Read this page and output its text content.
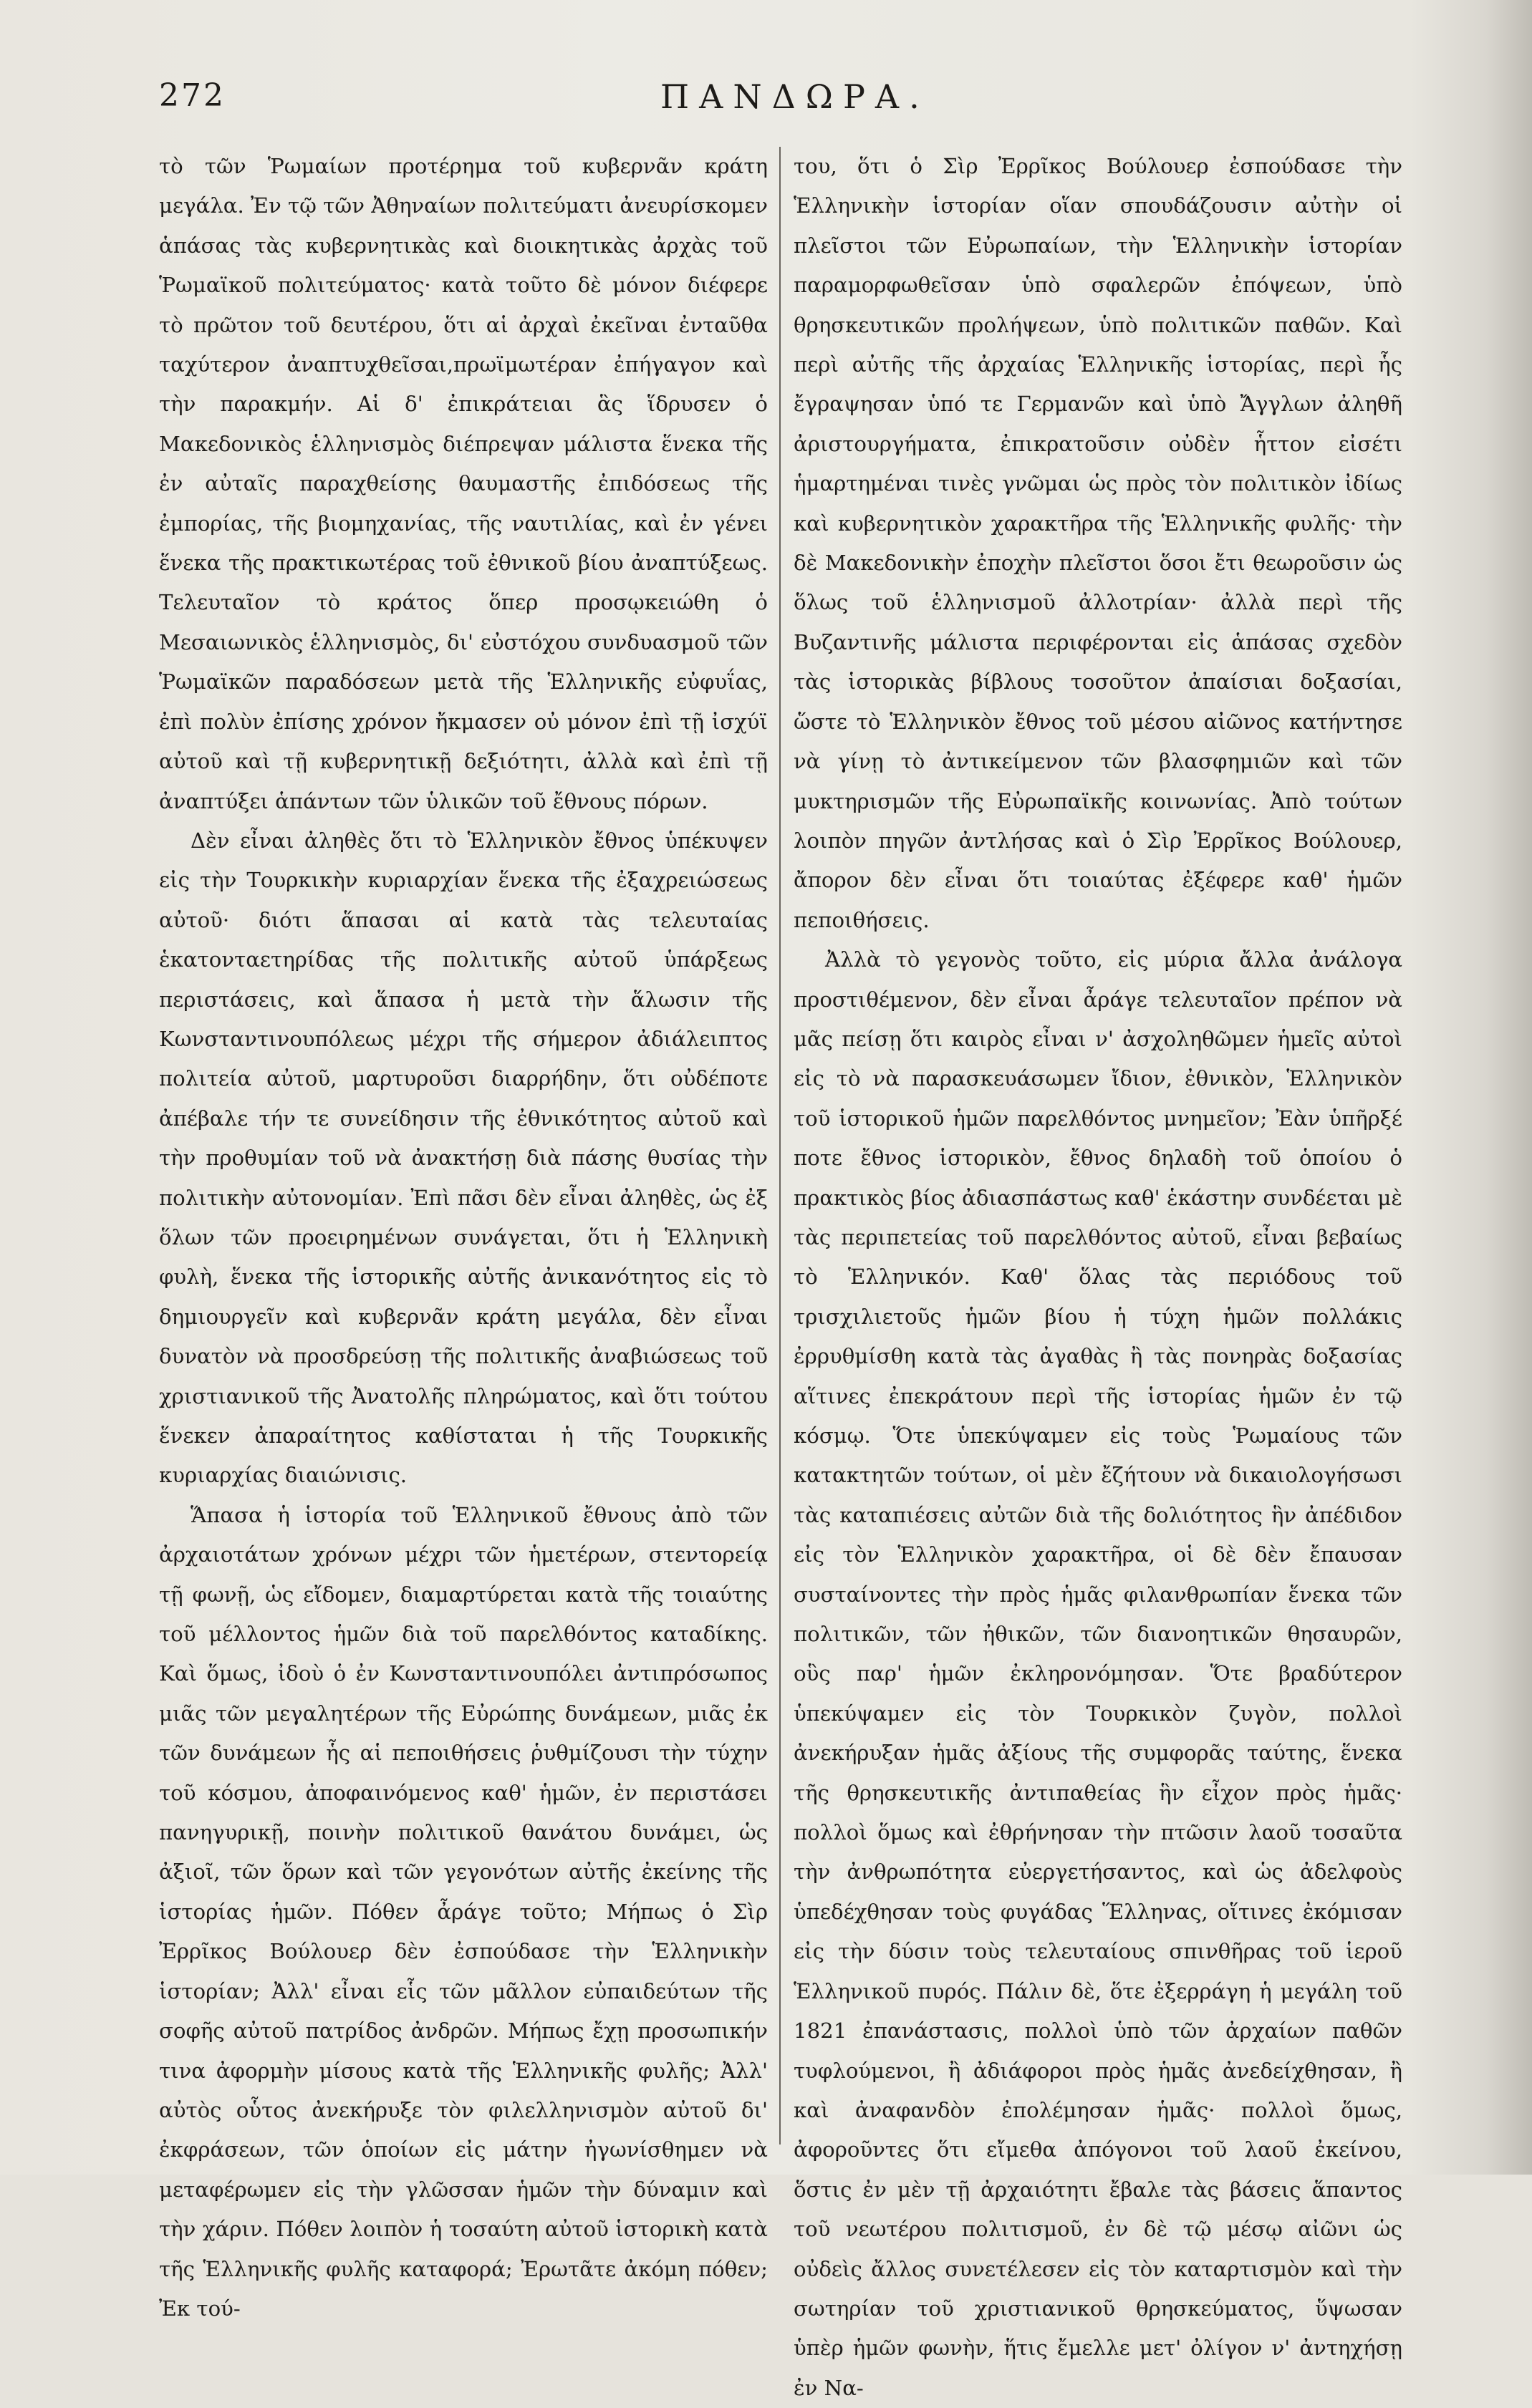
272	ΠΑΝΔΩΡΑ.

τὸ τῶν Ῥωμαίων προτέρημα τοῦ κυβερνᾶν κράτη μεγάλα. Ἐν τῷ τῶν Ἀθηναίων πολιτεύματι ἀνευρίσκομεν ἁπάσας τὰς κυβερνητικὰς καὶ διοικητικὰς ἀρχὰς τοῦ Ῥωμαϊκοῦ πολιτεύματος· κατὰ τοῦτο δὲ μόνον διέφερε τὸ πρῶτον τοῦ δευτέρου, ὅτι αἱ ἀρχαὶ ἐκεῖναι ἐνταῦθα ταχύτερον ἀναπτυχθεῖσαι,πρωϊμωτέραν ἐπήγαγον καὶ τὴν παρακμήν. Αἱ δ' ἐπικράτειαι ἃς ἵδρυσεν ὁ Μακεδονικὸς ἑλληνισμὸς διέπρεψαν μάλιστα ἕνεκα τῆς ἐν αὐταῖς παραχθείσης θαυμαστῆς ἐπιδόσεως τῆς ἐμπορίας, τῆς βιομηχανίας, τῆς ναυτιλίας, καὶ ἐν γένει ἕνεκα τῆς πρακτικωτέρας τοῦ ἐθνικοῦ βίου ἀναπτύξεως. Τελευταῖον τὸ κράτος ὅπερ προσῳκειώθη ὁ Μεσαιωνικὸς ἑλληνισμὸς, δι' εὐστόχου συνδυασμοῦ τῶν Ῥωμαϊκῶν παραδόσεων μετὰ τῆς Ἑλληνικῆς εὐφυΐας, ἐπὶ πολὺν ἐπίσης χρόνον ἤκμασεν οὐ μόνον ἐπὶ τῇ ἰσχύϊ αὐτοῦ καὶ τῇ κυβερνητικῇ δεξιότητι, ἀλλὰ καὶ ἐπὶ τῇ ἀναπτύξει ἁπάντων τῶν ὑλικῶν τοῦ ἔθνους πόρων.

Δὲν εἶναι ἀληθὲς ὅτι τὸ Ἑλληνικὸν ἔθνος ὑπέκυψεν εἰς τὴν Τουρκικὴν κυριαρχίαν ἕνεκα τῆς ἐξαχρειώσεως αὐτοῦ· διότι ἅπασαι αἱ κατὰ τὰς τελευταίας ἑκατονταετηρίδας τῆς πολιτικῆς αὐτοῦ ὑπάρξεως περιστάσεις, καὶ ἅπασα ἡ μετὰ τὴν ἅλωσιν τῆς Κωνσταντινουπόλεως μέχρι τῆς σήμερον ἀδιάλειπτος πολιτεία αὐτοῦ, μαρτυροῦσι διαρρήδην, ὅτι οὐδέποτε ἀπέβαλε τήν τε συνείδησιν τῆς ἐθνικότητος αὐτοῦ καὶ τὴν προθυμίαν τοῦ νὰ ἀνακτήσῃ διὰ πάσης θυσίας τὴν πολιτικὴν αὐτονομίαν. Ἐπὶ πᾶσι δὲν εἶναι ἀληθὲς, ὡς ἐξ ὅλων τῶν προειρημένων συνάγεται, ὅτι ἡ Ἑλληνικὴ φυλὴ, ἕνεκα τῆς ἱστορικῆς αὐτῆς ἀνικανότητος εἰς τὸ δημιουργεῖν καὶ κυβερνᾶν κράτη μεγάλα, δὲν εἶναι δυνατὸν νὰ προσδρεύσῃ τῆς πολιτικῆς ἀναβιώσεως τοῦ χριστιανικοῦ τῆς Ἀνατολῆς πληρώματος, καὶ ὅτι τούτου ἕνεκεν ἀπαραίτητος καθίσταται ἡ τῆς Τουρκικῆς κυριαρχίας διαιώνισις.

Ἅπασα ἡ ἱστορία τοῦ Ἑλληνικοῦ ἔθνους ἀπὸ τῶν ἀρχαιοτάτων χρόνων μέχρι τῶν ἡμετέρων, στεντορείᾳ τῇ φωνῇ, ὡς εἴδομεν, διαμαρτύρεται κατὰ τῆς τοιαύτης τοῦ μέλλοντος ἡμῶν διὰ τοῦ παρελθόντος καταδίκης. Καὶ ὅμως, ἰδοὺ ὁ ἐν Κωνσταντινουπόλει ἀντιπρόσωπος μιᾶς τῶν μεγαλητέρων τῆς Εὐρώπης δυνάμεων, μιᾶς ἐκ τῶν δυνάμεων ἧς αἱ πεποιθήσεις ῥυθμίζουσι τὴν τύχην τοῦ κόσμου, ἀποφαινόμενος καθ' ἡμῶν, ἐν περιστάσει πανηγυρικῇ, ποινὴν πολιτικοῦ θανάτου δυνάμει, ὡς ἀξιοῖ, τῶν ὅρων καὶ τῶν γεγονότων αὐτῆς ἐκείνης τῆς ἱστορίας ἡμῶν. Πόθεν ἆράγε τοῦτο; Μήπως ὁ Σὶρ Ἐρρῖκος Βούλουερ δὲν ἐσπούδασε τὴν Ἑλληνικὴν ἱστορίαν; Ἀλλ' εἶναι εἷς τῶν μᾶλλον εὐπαιδεύτων τῆς σοφῆς αὐτοῦ πατρίδος ἀνδρῶν. Μήπως ἔχῃ προσωπικήν τινα ἀφορμὴν μίσους κατὰ τῆς Ἑλληνικῆς φυλῆς; Ἀλλ' αὐτὸς οὗτος ἀνεκήρυξε τὸν φιλελληνισμὸν αὐτοῦ δι' ἐκφράσεων, τῶν ὁποίων εἰς μάτην ἠγωνίσθημεν νὰ μεταφέρωμεν εἰς τὴν γλῶσσαν ἡμῶν τὴν δύναμιν καὶ τὴν χάριν. Πόθεν λοιπὸν ἡ τοσαύτη αὐτοῦ ἱστορικὴ κατὰ τῆς Ἑλληνικῆς φυλῆς καταφορά; Ἐρωτᾶτε ἀκόμη πόθεν; Ἐκ τού-

του, ὅτι ὁ Σὶρ Ἐρρῖκος Βούλουερ ἐσπούδασε τὴν Ἑλληνικὴν ἱστορίαν οἵαν σπουδάζουσιν αὐτὴν οἱ πλεῖστοι τῶν Εὐρωπαίων, τὴν Ἑλληνικὴν ἱστορίαν παραμορφωθεῖσαν ὑπὸ σφαλερῶν ἐπόψεων, ὑπὸ θρησκευτικῶν προλήψεων, ὑπὸ πολιτικῶν παθῶν. Καὶ περὶ αὐτῆς τῆς ἀρχαίας Ἑλληνικῆς ἱστορίας, περὶ ἧς ἔγραψησαν ὑπό τε Γερμανῶν καὶ ὑπὸ Ἄγγλων ἀληθῆ ἀριστουργήματα, ἐπικρατοῦσιν οὐδὲν ἧττον εἰσέτι ἡμαρτημέναι τινὲς γνῶμαι ὡς πρὸς τὸν πολιτικὸν ἰδίως καὶ κυβερνητικὸν χαρακτῆρα τῆς Ἑλληνικῆς φυλῆς· τὴν δὲ Μακεδονικὴν ἐποχὴν πλεῖστοι ὅσοι ἔτι θεωροῦσιν ὡς ὅλως τοῦ ἑλληνισμοῦ ἀλλοτρίαν· ἀλλὰ περὶ τῆς Βυζαντινῆς μάλιστα περιφέρονται εἰς ἁπάσας σχεδὸν τὰς ἱστορικὰς βίβλους τοσοῦτον ἀπαίσιαι δοξασίαι, ὥστε τὸ Ἑλληνικὸν ἔθνος τοῦ μέσου αἰῶνος κατήντησε νὰ γίνῃ τὸ ἀντικείμενον τῶν βλασφημιῶν καὶ τῶν μυκτηρισμῶν τῆς Εὐρωπαϊκῆς κοινωνίας. Ἀπὸ τούτων λοιπὸν πηγῶν ἀντλήσας καὶ ὁ Σὶρ Ἐρρῖκος Βούλουερ, ἄπορον δὲν εἶναι ὅτι τοιαύτας ἐξέφερε καθ' ἡμῶν πεποιθήσεις.

Ἀλλὰ τὸ γεγονὸς τοῦτο, εἰς μύρια ἄλλα ἀνάλογα προστιθέμενον, δὲν εἶναι ἆράγε τελευταῖον πρέπον νὰ μᾶς πείσῃ ὅτι καιρὸς εἶναι ν' ἀσχοληθῶμεν ἡμεῖς αὐτοὶ εἰς τὸ νὰ παρασκευάσωμεν ἴδιον, ἐθνικὸν, Ἑλληνικὸν τοῦ ἱστορικοῦ ἡμῶν παρελθόντος μνημεῖον; Ἐὰν ὑπῆρξέ ποτε ἔθνος ἱστορικὸν, ἔθνος δηλαδὴ τοῦ ὁποίου ὁ πρακτικὸς βίος ἀδιασπάστως καθ' ἑκάστην συνδέεται μὲ τὰς περιπετείας τοῦ παρελθόντος αὐτοῦ, εἶναι βεβαίως τὸ Ἑλληνικόν. Καθ' ὅλας τὰς περιόδους τοῦ τρισχιλιετοῦς ἡμῶν βίου ἡ τύχη ἡμῶν πολλάκις ἐρρυθμίσθη κατὰ τὰς ἀγαθὰς ἢ τὰς πονηρὰς δοξασίας αἵτινες ἐπεκράτουν περὶ τῆς ἱστορίας ἡμῶν ἐν τῷ κόσμῳ. Ὅτε ὑπεκύψαμεν εἰς τοὺς Ῥωμαίους τῶν κατακτητῶν τούτων, οἱ μὲν ἔζήτουν νὰ δικαιολογήσωσι τὰς καταπιέσεις αὐτῶν διὰ τῆς δολιότητος ἣν ἀπέδιδον εἰς τὸν Ἑλληνικὸν χαρακτῆρα, οἱ δὲ δὲν ἔπαυσαν συσταίνοντες τὴν πρὸς ἡμᾶς φιλανθρωπίαν ἕνεκα τῶν πολιτικῶν, τῶν ἠθικῶν, τῶν διανοητικῶν θησαυρῶν, οὓς παρ' ἡμῶν ἐκληρονόμησαν. Ὅτε βραδύτερον ὑπεκύψαμεν εἰς τὸν Τουρκικὸν ζυγὸν, πολλοὶ ἀνεκήρυξαν ἡμᾶς ἀξίους τῆς συμφορᾶς ταύτης, ἕνεκα τῆς θρησκευτικῆς ἀντιπαθείας ἣν εἶχον πρὸς ἡμᾶς· πολλοὶ ὅμως καὶ ἐθρήνησαν τὴν πτῶσιν λαοῦ τοσαῦτα τὴν ἀνθρωπότητα εὐεργετήσαντος, καὶ ὡς ἀδελφοὺς ὑπεδέχθησαν τοὺς φυγάδας Ἕλληνας, οἵτινες ἐκόμισαν εἰς τὴν δύσιν τοὺς τελευταίους σπινθῆρας τοῦ ἱεροῦ Ἑλληνικοῦ πυρός. Πάλιν δὲ, ὅτε ἐξερράγη ἡ μεγάλη τοῦ 1821 ἐπανάστασις, πολλοὶ ὑπὸ τῶν ἀρχαίων παθῶν τυφλούμενοι, ἢ ἀδιάφοροι πρὸς ἡμᾶς ἀνεδείχθησαν, ἢ καὶ ἀναφανδὸν ἐπολέμησαν ἡμᾶς· πολλοὶ ὅμως, ἀφοροῦντες ὅτι εἴμεθα ἀπόγονοι τοῦ λαοῦ ἐκείνου, ὅστις ἐν μὲν τῇ ἀρχαιότητι ἔβαλε τὰς βάσεις ἅπαντος τοῦ νεωτέρου πολιτισμοῦ, ἐν δὲ τῷ μέσῳ αἰῶνι ὡς οὐδεὶς ἄλλος συνετέλεσεν εἰς τὸν καταρτισμὸν καὶ τὴν σωτηρίαν τοῦ χριστιανικοῦ θρησκεύματος, ὕψωσαν ὑπὲρ ἡμῶν φωνὴν, ἥτις ἔμελλε μετ' ὀλίγον ν' ἀντηχήσῃ ἐν Να-
